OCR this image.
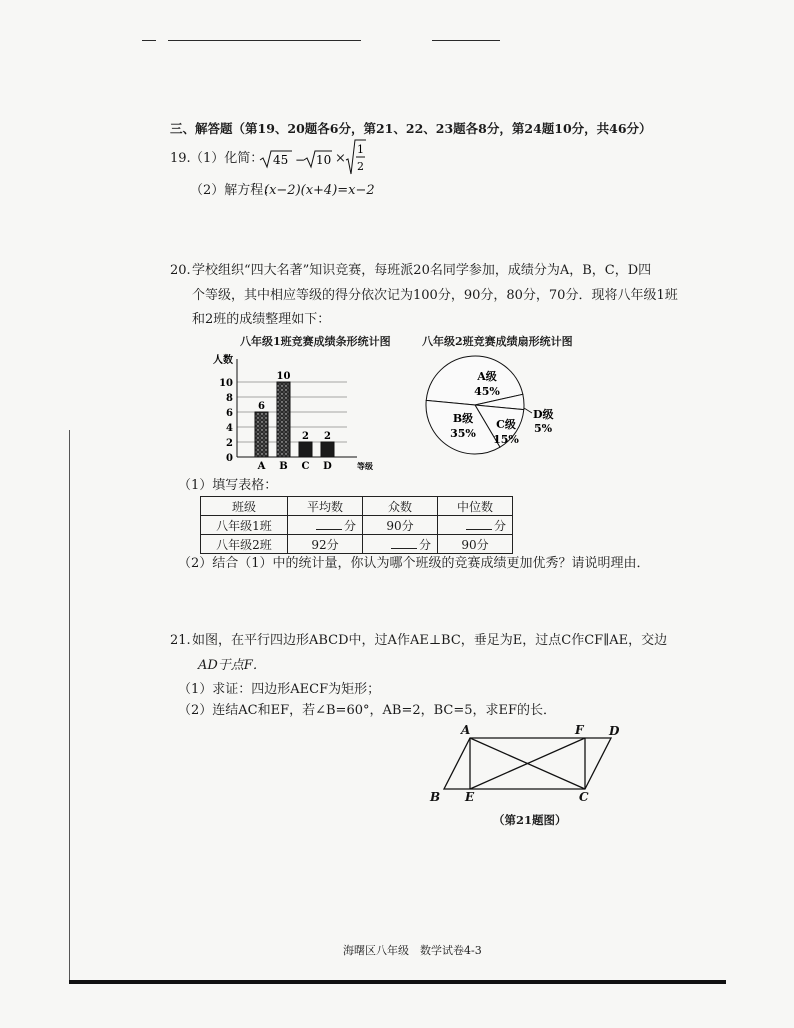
三、解答题（第19、20题各6分，第21、22、23题各8分，第24题10分，共46分）
19. （1）化简： 45 − 10 ×
1
2
（2）解方程：
(x−2)(x+4)=x−2
20. 学校组织“四大名著”知识竞赛，每班派20名同学参加，成绩分为A，B，C，D四
个等级，其中相应等级的得分依次记为100分，90分，80分，70分．现将八年级1班
和2班的成绩整理如下：
八年级1班竞赛成绩条形统计图
0
2
4
6
8
10
人数
等级
6
A
10
B
2
C
2
D
八年级2班竞赛成绩扇形统计图
A级
45%
B级
35%
C级
15%
D级
5%
（1）填写表格：
班级	平均数	众数	中位数
八年级1班	分	90分	分
八年级2班	92分	分	90分
（2）结合（1）中的统计量，你认为哪个班级的竞赛成绩更加优秀？请说明理由．
21. 如图，在平行四边形ABCD中，过A作AE⊥BC，垂足为E，过点C作CF∥AE，交边
AD于点F．
（1）求证：四边形AECF为矩形；
（2）连结AC和EF，若∠B=60°，AB=2，BC=5，求EF的长．
A	F D
B E	C
（第21题图）
海曙区八年级　数学试卷4-3
